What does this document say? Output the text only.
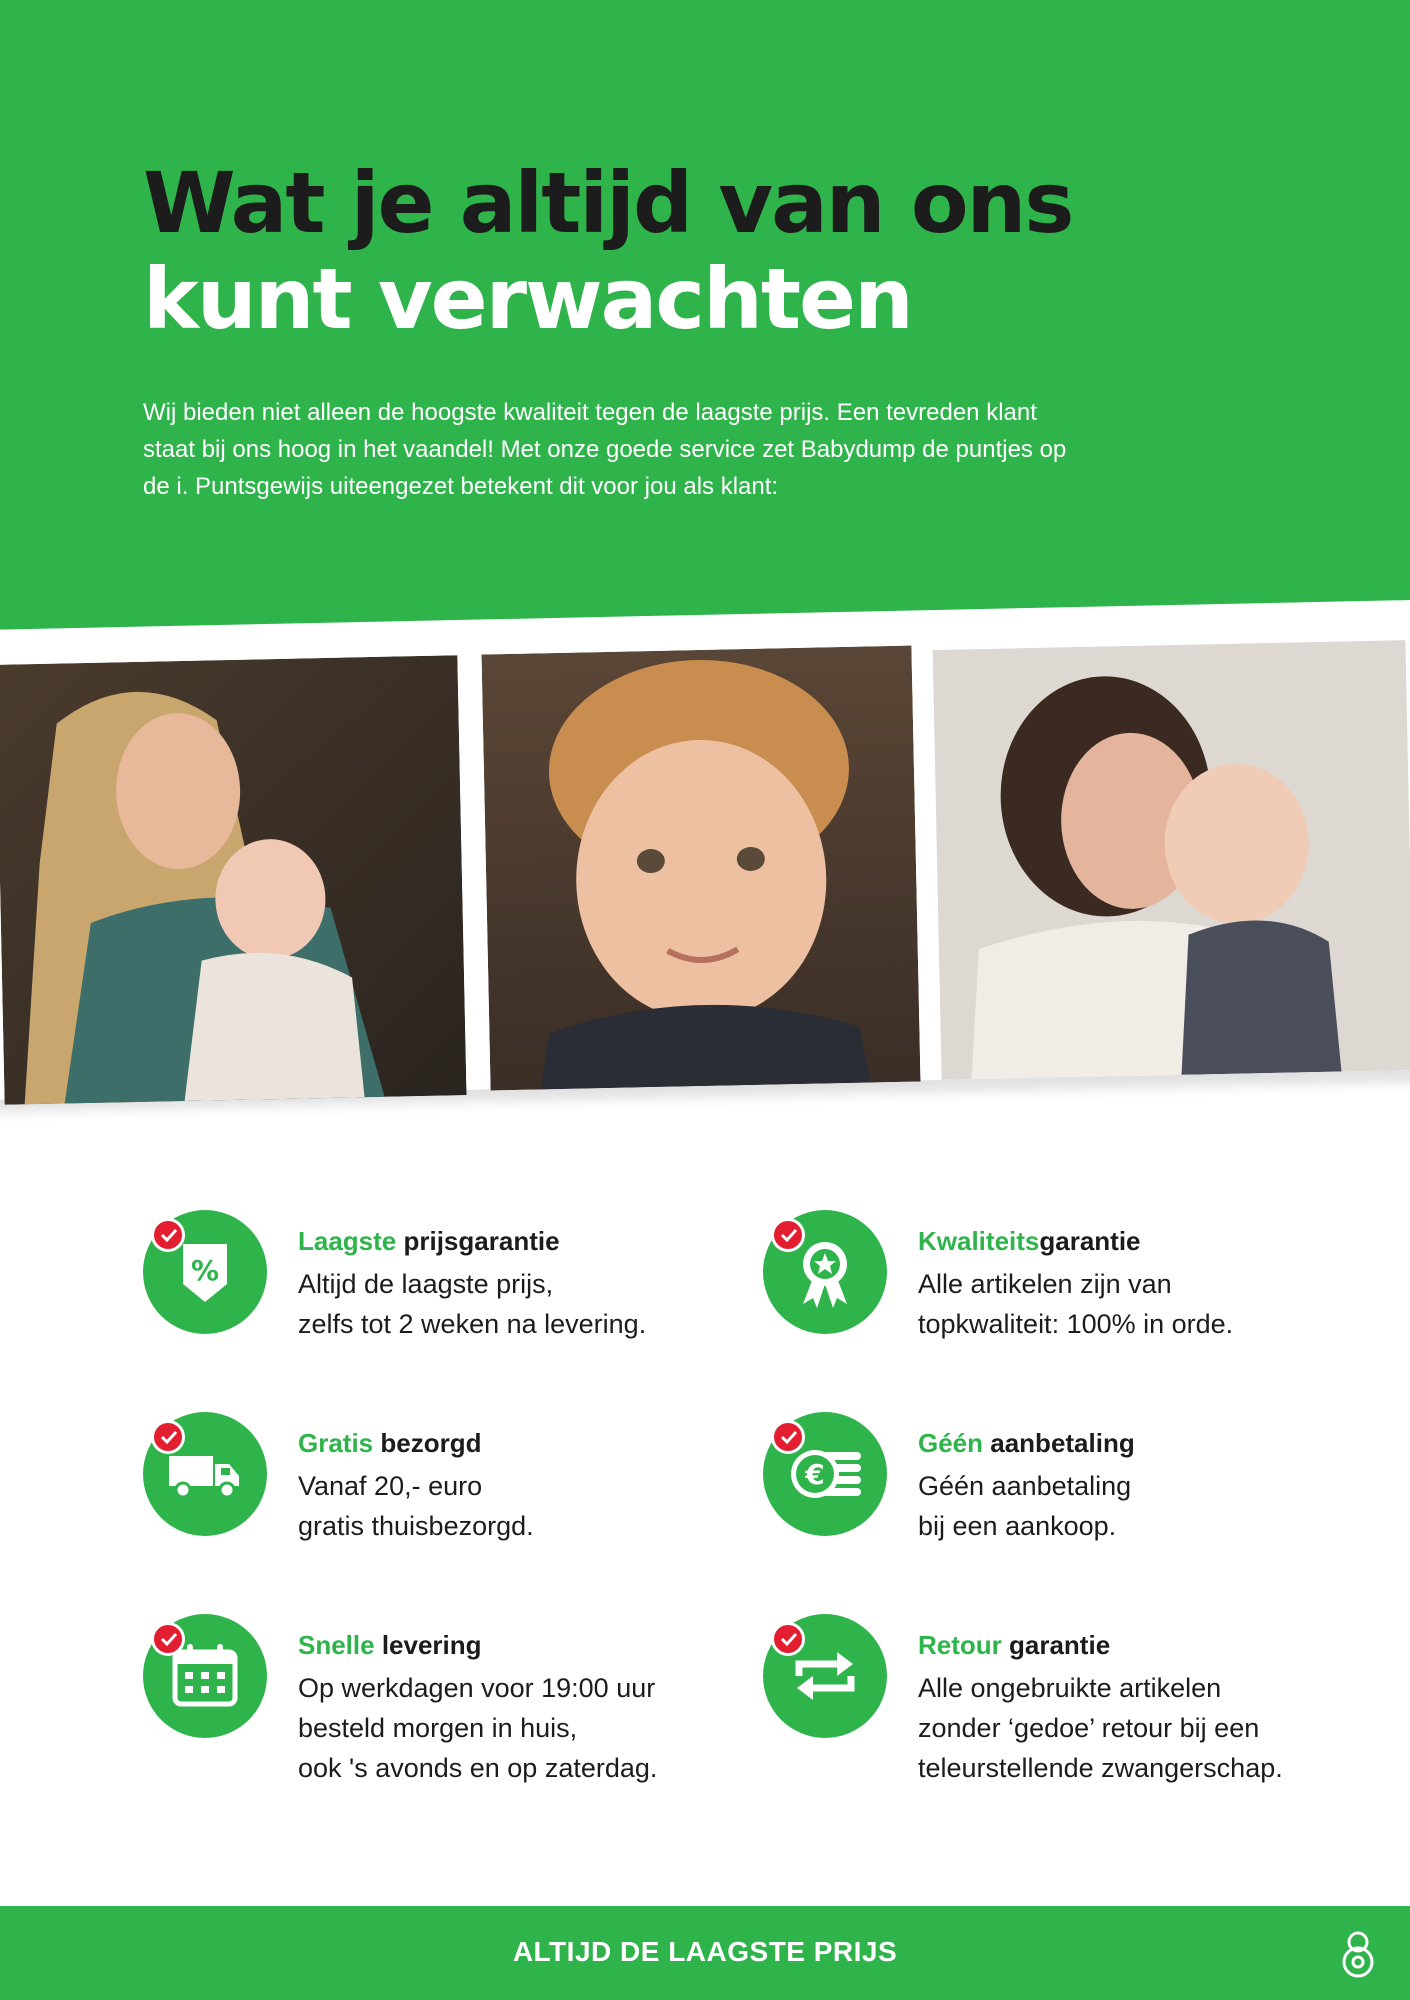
Wat je altijd van ons
kunt verwachten

Wij bieden niet alleen de hoogste kwaliteit tegen de laagste prijs. Een tevreden klant
staat bij ons hoog in het vaandel! Met onze goede service zet Babydump de puntjes op
de i. Puntsgewijs uiteengezet betekent dit voor jou als klant:

%
Laagste prijsgarantie

Altijd de laagste prijs,
zelfs tot 2 weken na levering.

Kwaliteitsgarantie

Alle artikelen zijn van
topkwaliteit: 100% in orde.

Gratis bezorgd

Vanaf 20,- euro
gratis thuisbezorgd.

€
Géén aanbetaling

Géén aanbetaling
bij een aankoop.

Snelle levering

Op werkdagen voor 19:00 uur
besteld morgen in huis,
ook 's avonds en op zaterdag.

Retour garantie

Alle ongebruikte artikelen
zonder ‘gedoe’ retour bij een
teleurstellende zwangerschap.

ALTIJD DE LAAGSTE PRIJS
